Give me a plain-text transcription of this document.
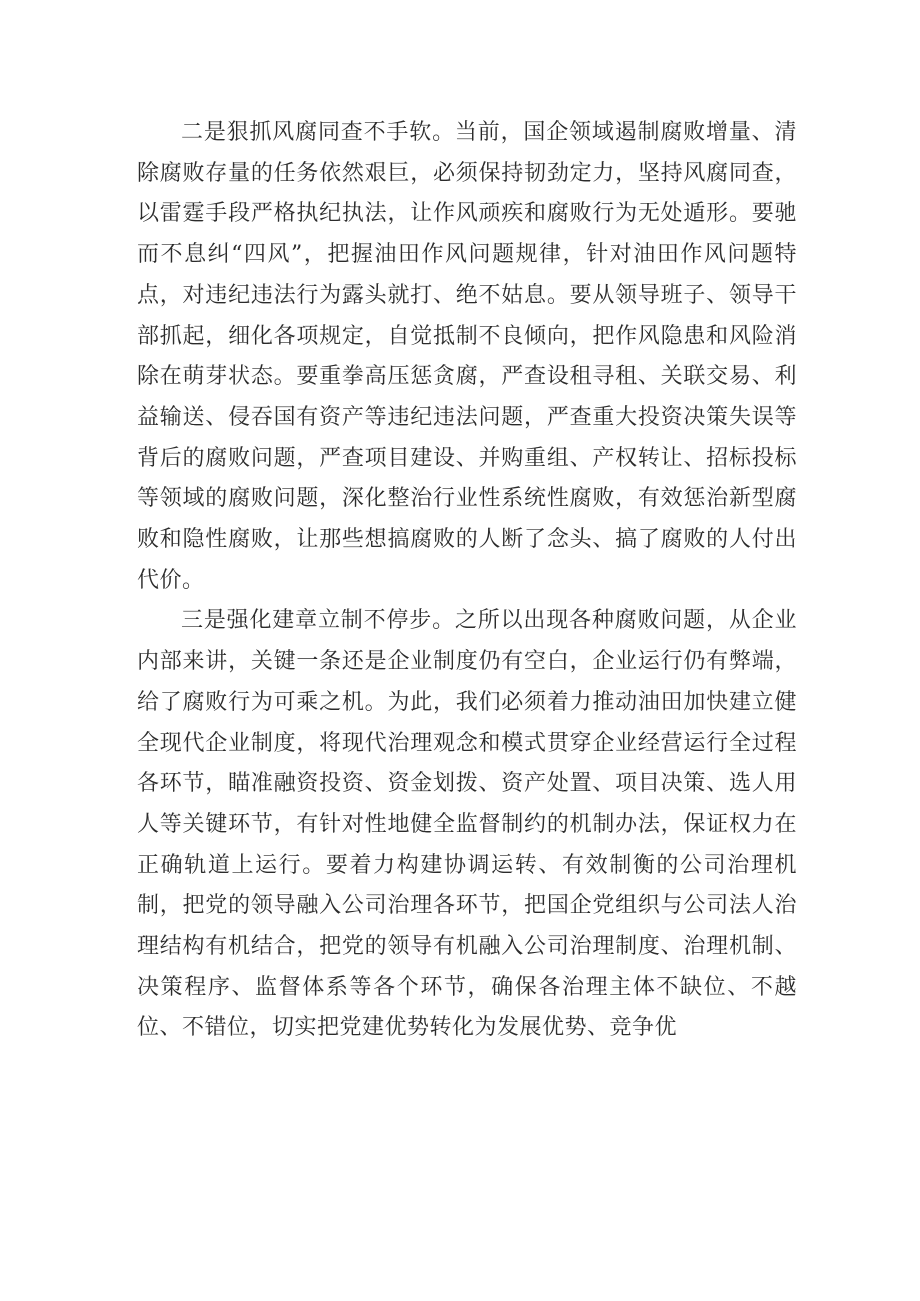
二是狠抓风腐同查不手软。当前，国企领域遏制腐败增量、清除腐败存量的任务依然艰巨，必须保持韧劲定力，坚持风腐同查，以雷霆手段严格执纪执法，让作风顽疾和腐败行为无处遁形。要驰而不息纠“四风”，把握油田作风问题规律，针对油田作风问题特点，对违纪违法行为露头就打、绝不姑息。要从领导班子、领导干部抓起，细化各项规定，自觉抵制不良倾向，把作风隐患和风险消除在萌芽状态。要重拳高压惩贪腐，严查设租寻租、关联交易、利益输送、侵吞国有资产等违纪违法问题，严查重大投资决策失误等背后的腐败问题，严查项目建设、并购重组、产权转让、招标投标等领域的腐败问题，深化整治行业性系统性腐败，有效惩治新型腐败和隐性腐败，让那些想搞腐败的人断了念头、搞了腐败的人付出代价。

三是强化建章立制不停步。之所以出现各种腐败问题，从企业内部来讲，关键一条还是企业制度仍有空白，企业运行仍有弊端，给了腐败行为可乘之机。为此，我们必须着力推动油田加快建立健全现代企业制度，将现代治理观念和模式贯穿企业经营运行全过程各环节，瞄准融资投资、资金划拨、资产处置、项目决策、选人用人等关键环节，有针对性地健全监督制约的机制办法，保证权力在正确轨道上运行。要着力构建协调运转、有效制衡的公司治理机制，把党的领导融入公司治理各环节，把国企党组织与公司法人治理结构有机结合，把党的领导有机融入公司治理制度、治理机制、决策程序、监督体系等各个环节，确保各治理主体不缺位、不越位、不错位，切实把党建优势转化为发展优势、竞争优
